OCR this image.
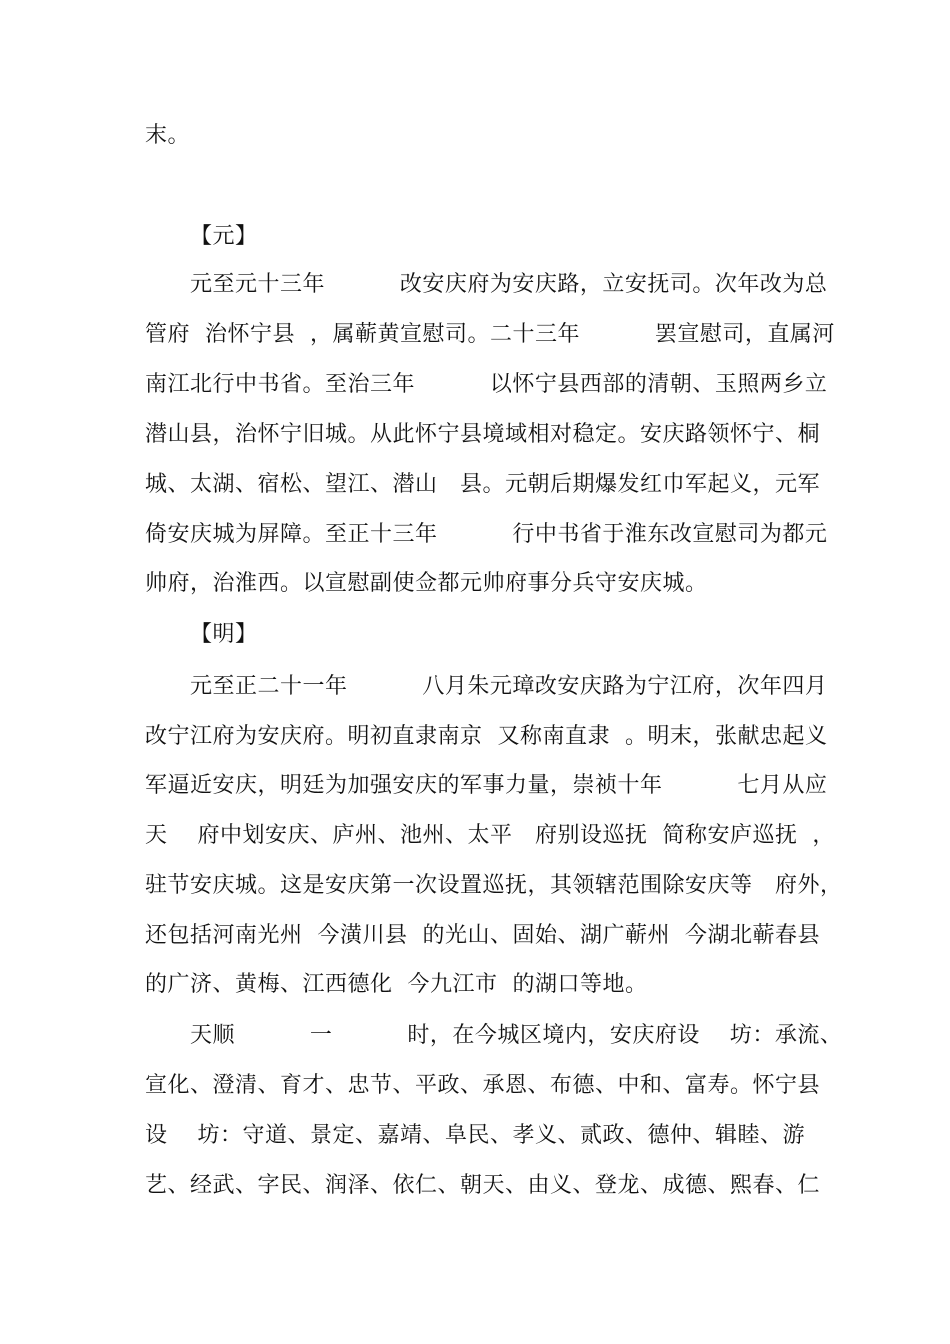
末。
【元】
元至元十三年          改安庆府为安庆路，立安抚司。次年改为总
管府  治怀宁县  ，属蕲黄宣慰司。二十三年          罢宣慰司，直属河
南江北行中书省。至治三年          以怀宁县西部的清朝、玉照两乡立
潜山县，治怀宁旧城。从此怀宁县境域相对稳定。安庆路领怀宁、桐
城、太湖、宿松、望江、潜山   县。元朝后期爆发红巾军起义，元军
倚安庆城为屏障。至正十三年          行中书省于淮东改宣慰司为都元
帅府，治淮西。以宣慰副使佥都元帅府事分兵守安庆城。
【明】
元至正二十一年          八月朱元璋改安庆路为宁江府，次年四月
改宁江府为安庆府。明初直隶南京  又称南直隶  。明末，张献忠起义
军逼近安庆，明廷为加强安庆的军事力量，崇祯十年          七月从应
天    府中划安庆、庐州、池州、太平   府别设巡抚  简称安庐巡抚  ，
驻节安庆城。这是安庆第一次设置巡抚，其领辖范围除安庆等   府外，
还包括河南光州  今潢川县  的光山、固始、湖广蕲州  今湖北蕲春县
的广济、黄梅、江西德化  今九江市  的湖口等地。
天顺          一          时，在今城区境内，安庆府设    坊：承流、
宣化、澄清、育才、忠节、平政、承恩、布德、中和、富寿。怀宁县
设    坊：守道、景定、嘉靖、阜民、孝义、贰政、德仲、辑睦、游
艺、经武、字民、润泽、依仁、朝天、由义、登龙、成德、熙春、仁
